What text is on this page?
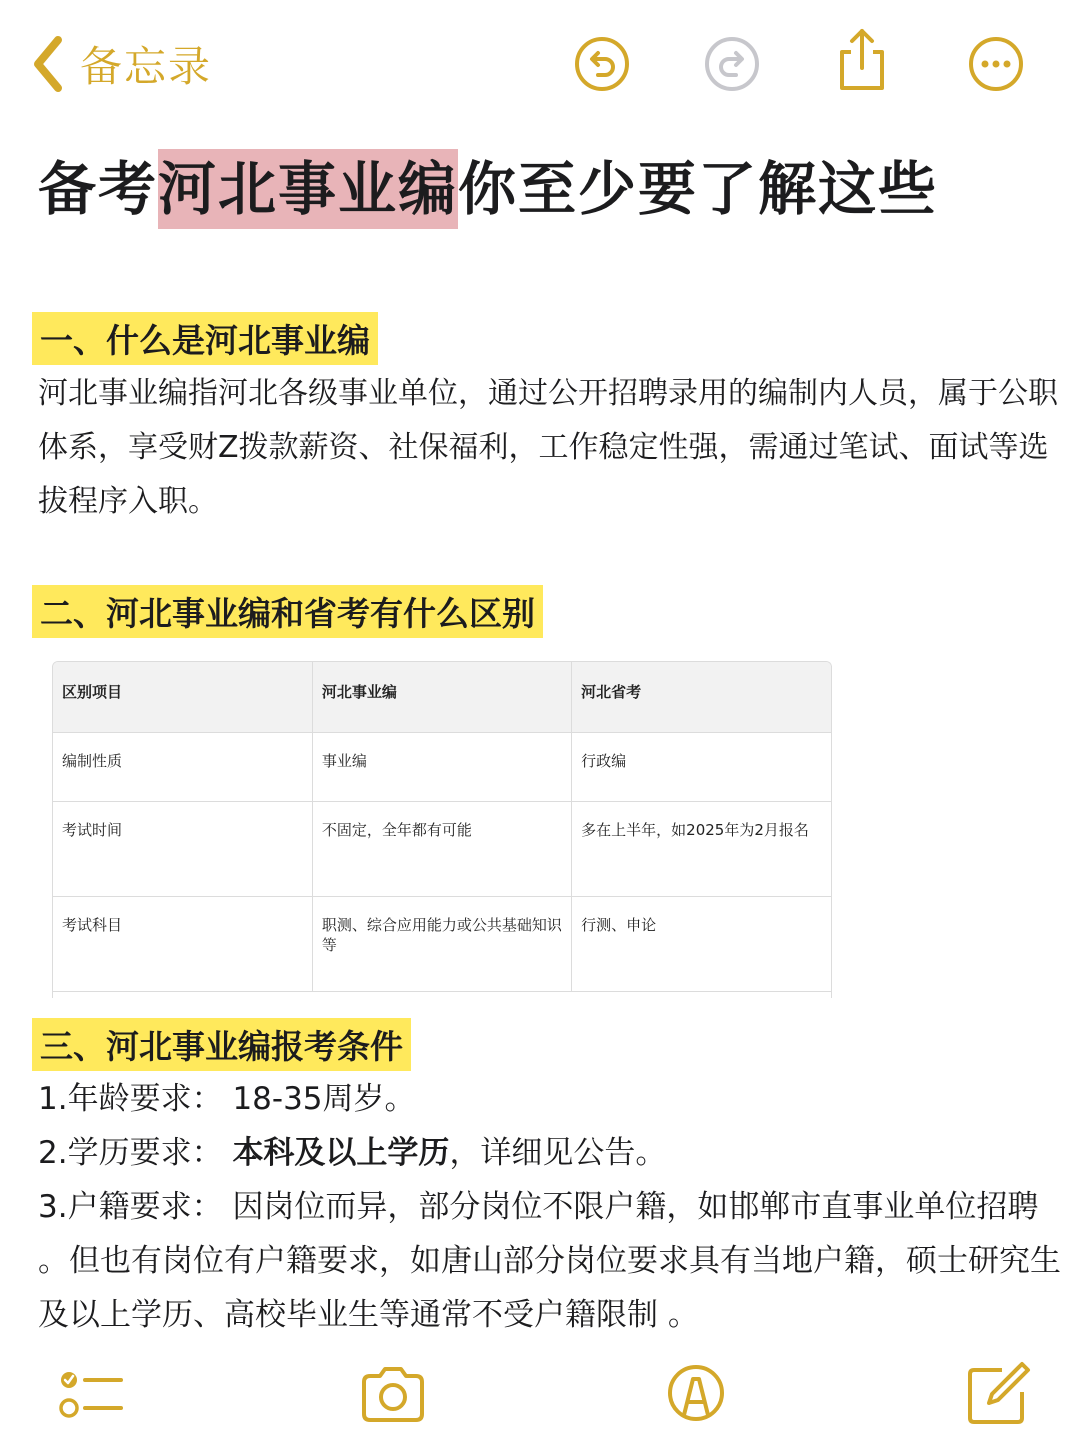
备忘录
备考河北事业编你至少要了解这些
一、什么是河北事业编

河北事业编指河北各级事业单位，通过公开招聘录用的编制内人员，属于公职体系，享受财Z拨款薪资、社保福利，工作稳定性强，需通过笔试、面试等选拔程序入职。

二、河北事业编和省考有什么区别
区别项目	河北事业编	河北省考
编制性质	事业编	行政编
考试时间	不固定，全年都有可能	多在上半年，如2025年为2月报名
考试科目	职测、综合应用能力或公共基础知识等	行测、申论
三、河北事业编报考条件

1.年龄要求： 18-35周岁。

2.学历要求： 本科及以上学历，详细见公告。

3.户籍要求： 因岗位而异，部分岗位不限户籍，如邯郸市直事业单位招聘 。但也有岗位有户籍要求，如唐山部分岗位要求具有当地户籍，硕士研究生及以上学历、高校毕业生等通常不受户籍限制 。
